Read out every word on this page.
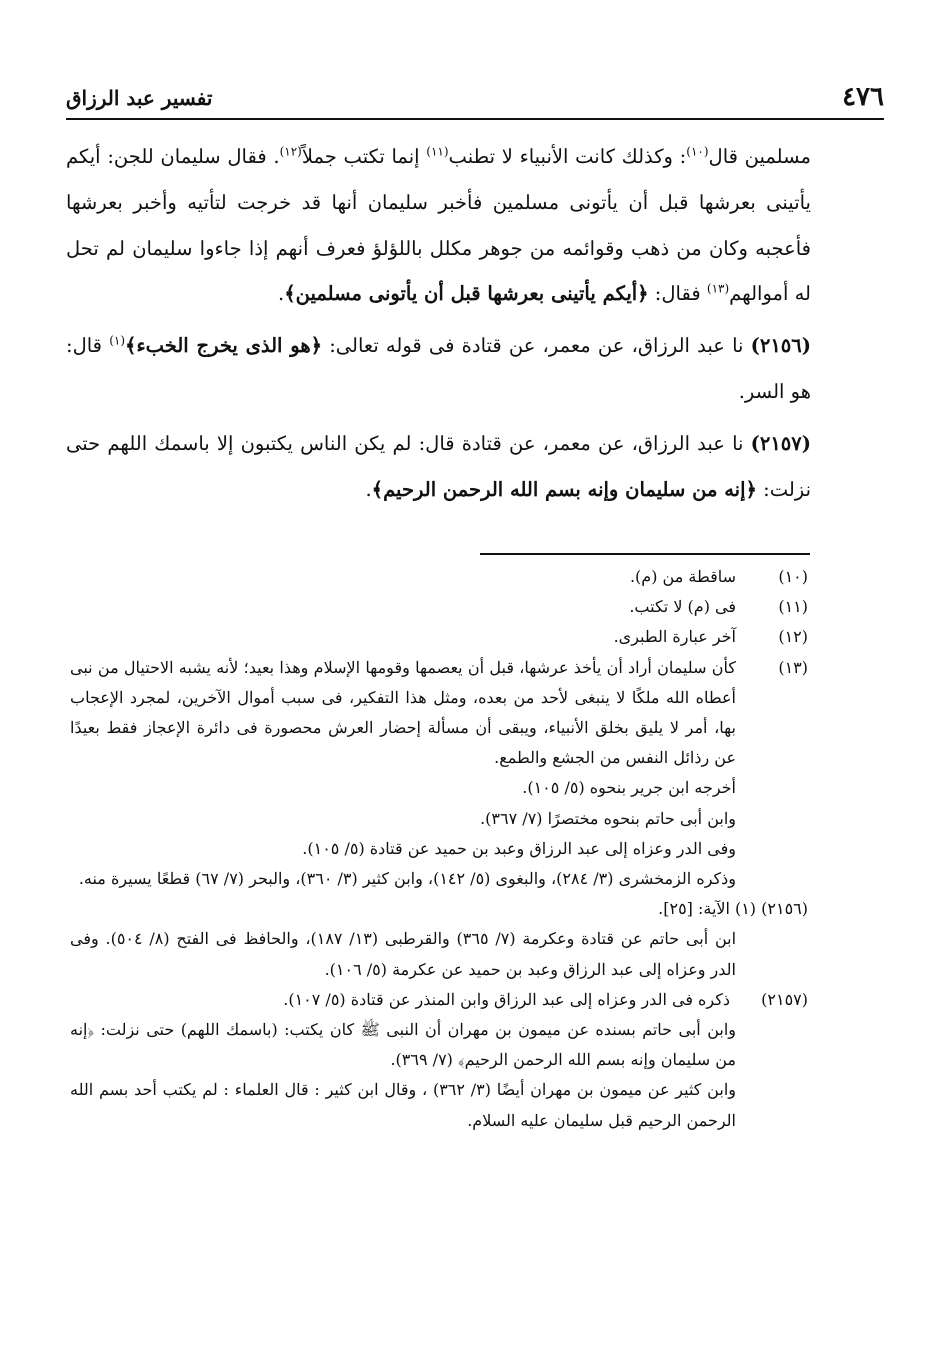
٤٧٦
تفسير عبد الرزاق

مسلمين قال$^{(١٠)}$: وكذلك كانت الأنبياء لا تطنب$^{(١١)}$ إنما تكتب جملاً$^{(١٢)}$. فقال سليمان للجن: أيكم يأتينى بعرشها قبل أن يأتونى مسلمين فأخبر سليمان أنها قد خرجت لتأتيه وأخبر بعرشها فأعجبه وكان من ذهب وقوائمه من جوهر مكلل باللؤلؤ فعرف أنهم إذا جاءوا سليمان لم تحل له أموالهم$^{(١٣)}$ فقال: ﴿أيكم يأتينى بعرشها قبل أن يأتونى مسلمين﴾.

(٢١٥٦) نا عبد الرزاق، عن معمر، عن قتادة فى قوله تعالى: ﴿هو الذى يخرج الخبء﴾$^{(١)}$ قال: هو السر.

(٢١٥٧) نا عبد الرزاق، عن معمر، عن قتادة قال: لم يكن الناس يكتبون إلا باسمك اللهم حتى نزلت: ﴿إنه من سليمان وإنه بسم الله الرحمن الرحيم﴾.

(١٠)
ساقطة من (م).
(١١)
فى (م) لا تكتب.
(١٢)
آخر عبارة الطبرى.
(١٣)
كأن سليمان أراد أن يأخذ عرشها، قبل أن يعصمها وقومها الإسلام وهذا بعيد؛ لأنه يشبه الاحتيال من نبى أعطاه الله ملكًا لا ينبغى لأحد من بعده، ومثل هذا التفكير، فى سبب أموال الآخرين، لمجرد الإعجاب بها، أمر لا يليق بخلق الأنبياء، ويبقى أن مسألة إحضار العرش محصورة فى دائرة الإعجاز فقط بعيدًا عن رذائل النفس من الجشع والطمع.
أخرجه ابن جرير بنحوه (٥/ ١٠٥).
وابن أبى حاتم بنحوه مختصرًا (٧/ ٣٦٧).
وفى الدر وعزاه إلى عبد الرزاق وعبد بن حميد عن قتادة (٥/ ١٠٥).
وذكره الزمخشرى (٣/ ٢٨٤)، والبغوى (٥/ ١٤٢)، وابن كثير (٣/ ٣٦٠)، والبحر (٧/ ٦٧) قطعًا يسيرة منه.
(٢١٥٦) (١)
الآية: [٢٥].
ابن أبى حاتم عن قتادة وعكرمة (٧/ ٣٦٥) والقرطبى (١٣/ ١٨٧)، والحافظ فى الفتح (٨/ ٥٠٤). وفى الدر وعزاه إلى عبد الرزاق وعبد بن حميد عن عكرمة (٥/ ١٠٦).
(٢١٥٧)
ذكره فى الدر وعزاه إلى عبد الرزاق وابن المنذر عن قتادة (٥/ ١٠٧).
وابن أبى حاتم بسنده عن ميمون بن مهران أن النبى ﷺ كان يكتب: (باسمك اللهم) حتى نزلت: ﴿إنه من سليمان وإنه بسم الله الرحمن الرحيم﴾ (٧/ ٣٦٩).
وابن كثير عن ميمون بن مهران أيضًا (٣/ ٣٦٢) ، وقال ابن كثير : قال العلماء : لم يكتب أحد بسم الله الرحمن الرحيم قبل سليمان عليه السلام.
